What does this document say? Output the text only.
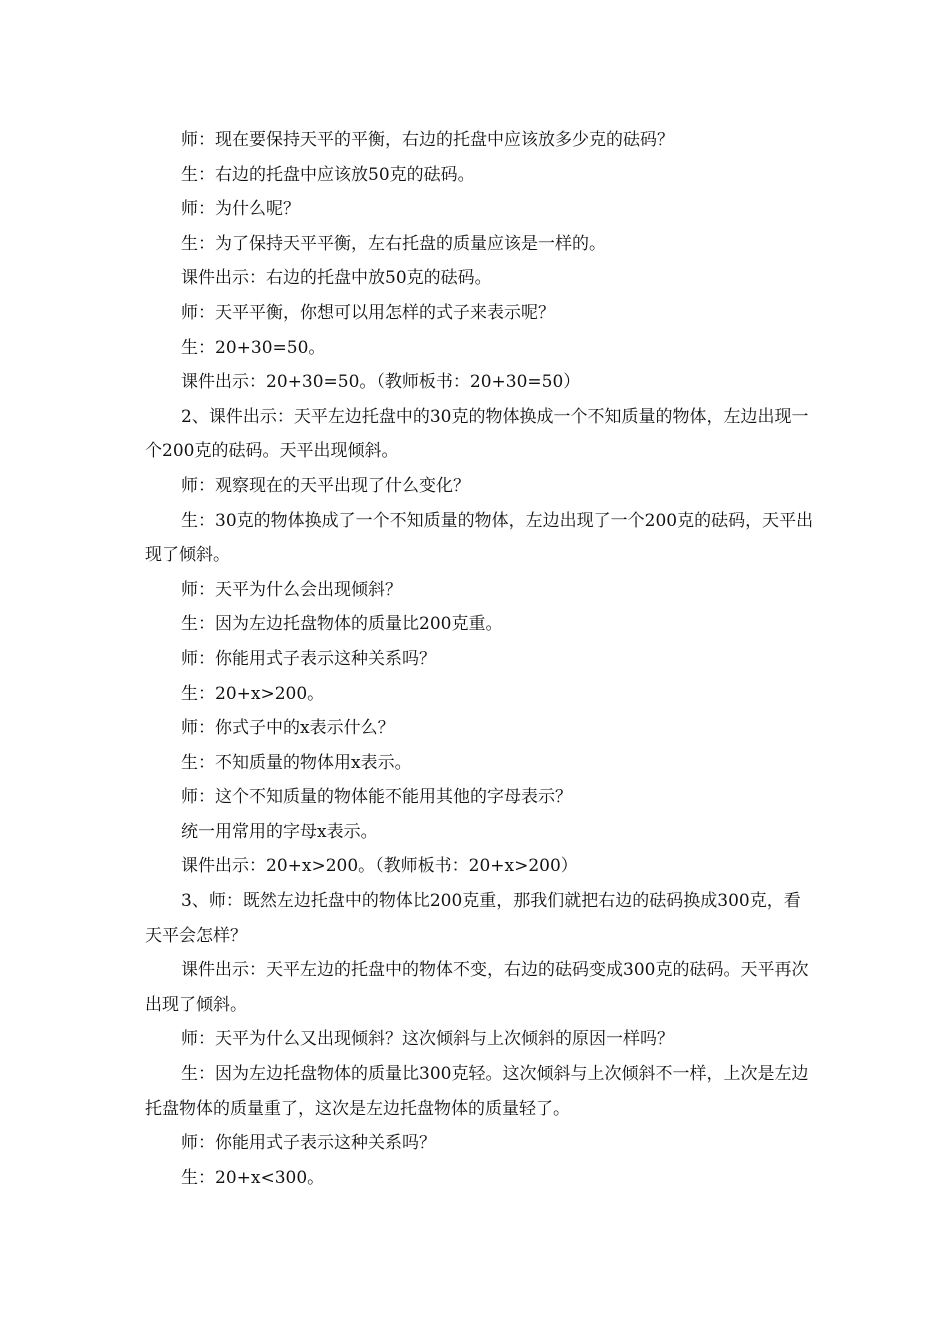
师：现在要保持天平的平衡，右边的托盘中应该放多少克的砝码？

生：右边的托盘中应该放50克的砝码。

师：为什么呢？

生：为了保持天平平衡，左右托盘的质量应该是一样的。

课件出示：右边的托盘中放50克的砝码。

师：天平平衡，你想可以用怎样的式子来表示呢？

生：20+30=50。

课件出示：20+30=50。（教师板书：20+30=50）

2、课件出示：天平左边托盘中的30克的物体换成一个不知质量的物体，左边出现一个200克的砝码。天平出现倾斜。

师：观察现在的天平出现了什么变化？

生：30克的物体换成了一个不知质量的物体，左边出现了一个200克的砝码，天平出现了倾斜。

师：天平为什么会出现倾斜？

生：因为左边托盘物体的质量比200克重。

师：你能用式子表示这种关系吗？

生：20+x>200。

师：你式子中的x表示什么？

生：不知质量的物体用x表示。

师：这个不知质量的物体能不能用其他的字母表示？

统一用常用的字母x表示。

课件出示：20+x>200。（教师板书：20+x>200）

3、师：既然左边托盘中的物体比200克重，那我们就把右边的砝码换成300克，看天平会怎样？

课件出示：天平左边的托盘中的物体不变，右边的砝码变成300克的砝码。天平再次出现了倾斜。

师：天平为什么又出现倾斜？这次倾斜与上次倾斜的原因一样吗？

生：因为左边托盘物体的质量比300克轻。这次倾斜与上次倾斜不一样，上次是左边托盘物体的质量重了，这次是左边托盘物体的质量轻了。

师：你能用式子表示这种关系吗？

生：20+x<300。
